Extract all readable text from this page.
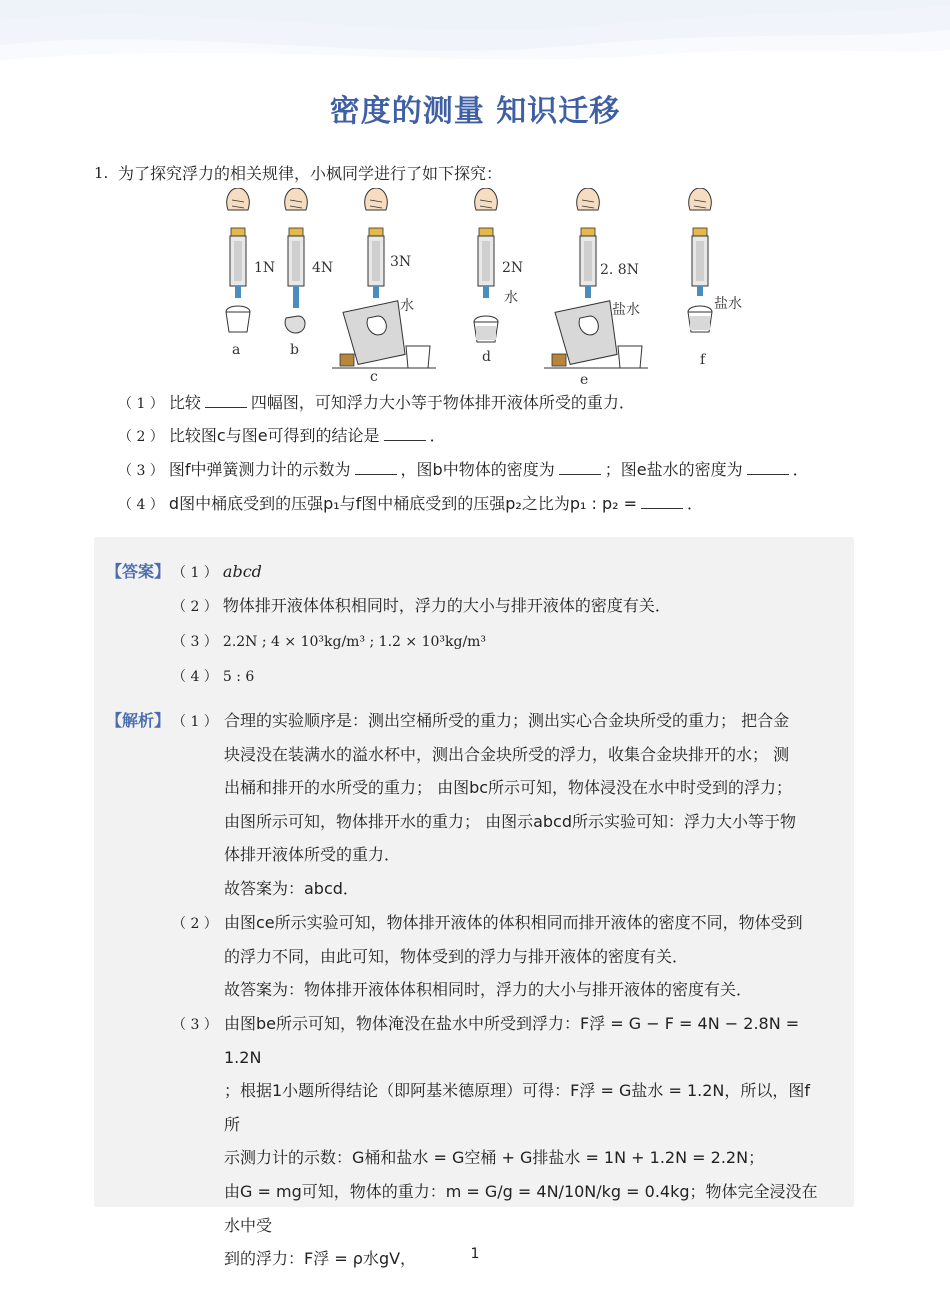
密度的测量 知识迁移
1. 为了探究浮力的相关规律，小枫同学进行了如下探究：
a	b
c
d
e
f
1N	4N	3N	2N	2. 8N
水	水
盐水	盐水
（ 1 ） 比较	四幅图，可知浮力大小等于物体排开液体所受的重力．
（ 2 ） 比较图c与图e可得到的结论是	．
（ 3 ） 图f中弹簧测力计的示数为	，图b中物体的密度为	；图e盐水的密度为	．
（ 4 ） d图中桶底受到的压强p₁与f图中桶底受到的压强p₂之比为p₁ : p₂ =	．
【答案】 （ 1 ） abcd
（ 2 ） 物体排开液体体积相同时，浮力的大小与排开液体的密度有关．
（ 3 ） 2.2N ; 4 × 10³kg/m³ ; 1.2 × 10³kg/m³
（ 4 ） 5 : 6
【解析】 （ 1 ） 合理的实验顺序是：测出空桶所受的重力；测出实心合金块所受的重力； 把合金
块浸没在装满水的溢水杯中，测出合金块所受的浮力，收集合金块排开的水； 测
出桶和排开的水所受的重力； 由图bc所示可知，物体浸没在水中时受到的浮力；
由图所示可知，物体排开水的重力； 由图示abcd所示实验可知：浮力大小等于物
体排开液体所受的重力．
故答案为：abcd．
（ 2 ） 由图ce所示实验可知，物体排开液体的体积相同而排开液体的密度不同，物体受到
的浮力不同，由此可知，物体受到的浮力与排开液体的密度有关．
故答案为：物体排开液体体积相同时，浮力的大小与排开液体的密度有关．
（ 3 ） 由图be所示可知，物体淹没在盐水中所受到浮力：F浮 = G − F = 4N − 2.8N = 1.2N
；根据1小题所得结论（即阿基米德原理）可得：F浮 = G盐水 = 1.2N，所以，图f所
示测力计的示数：G桶和盐水 = G空桶 + G排盐水 = 1N + 1.2N = 2.2N；
由G = mg可知，物体的重力：m = G/g = 4N/10N/kg = 0.4kg；物体完全浸没在水中受
到的浮力：F浮 = ρ水gV，	1
